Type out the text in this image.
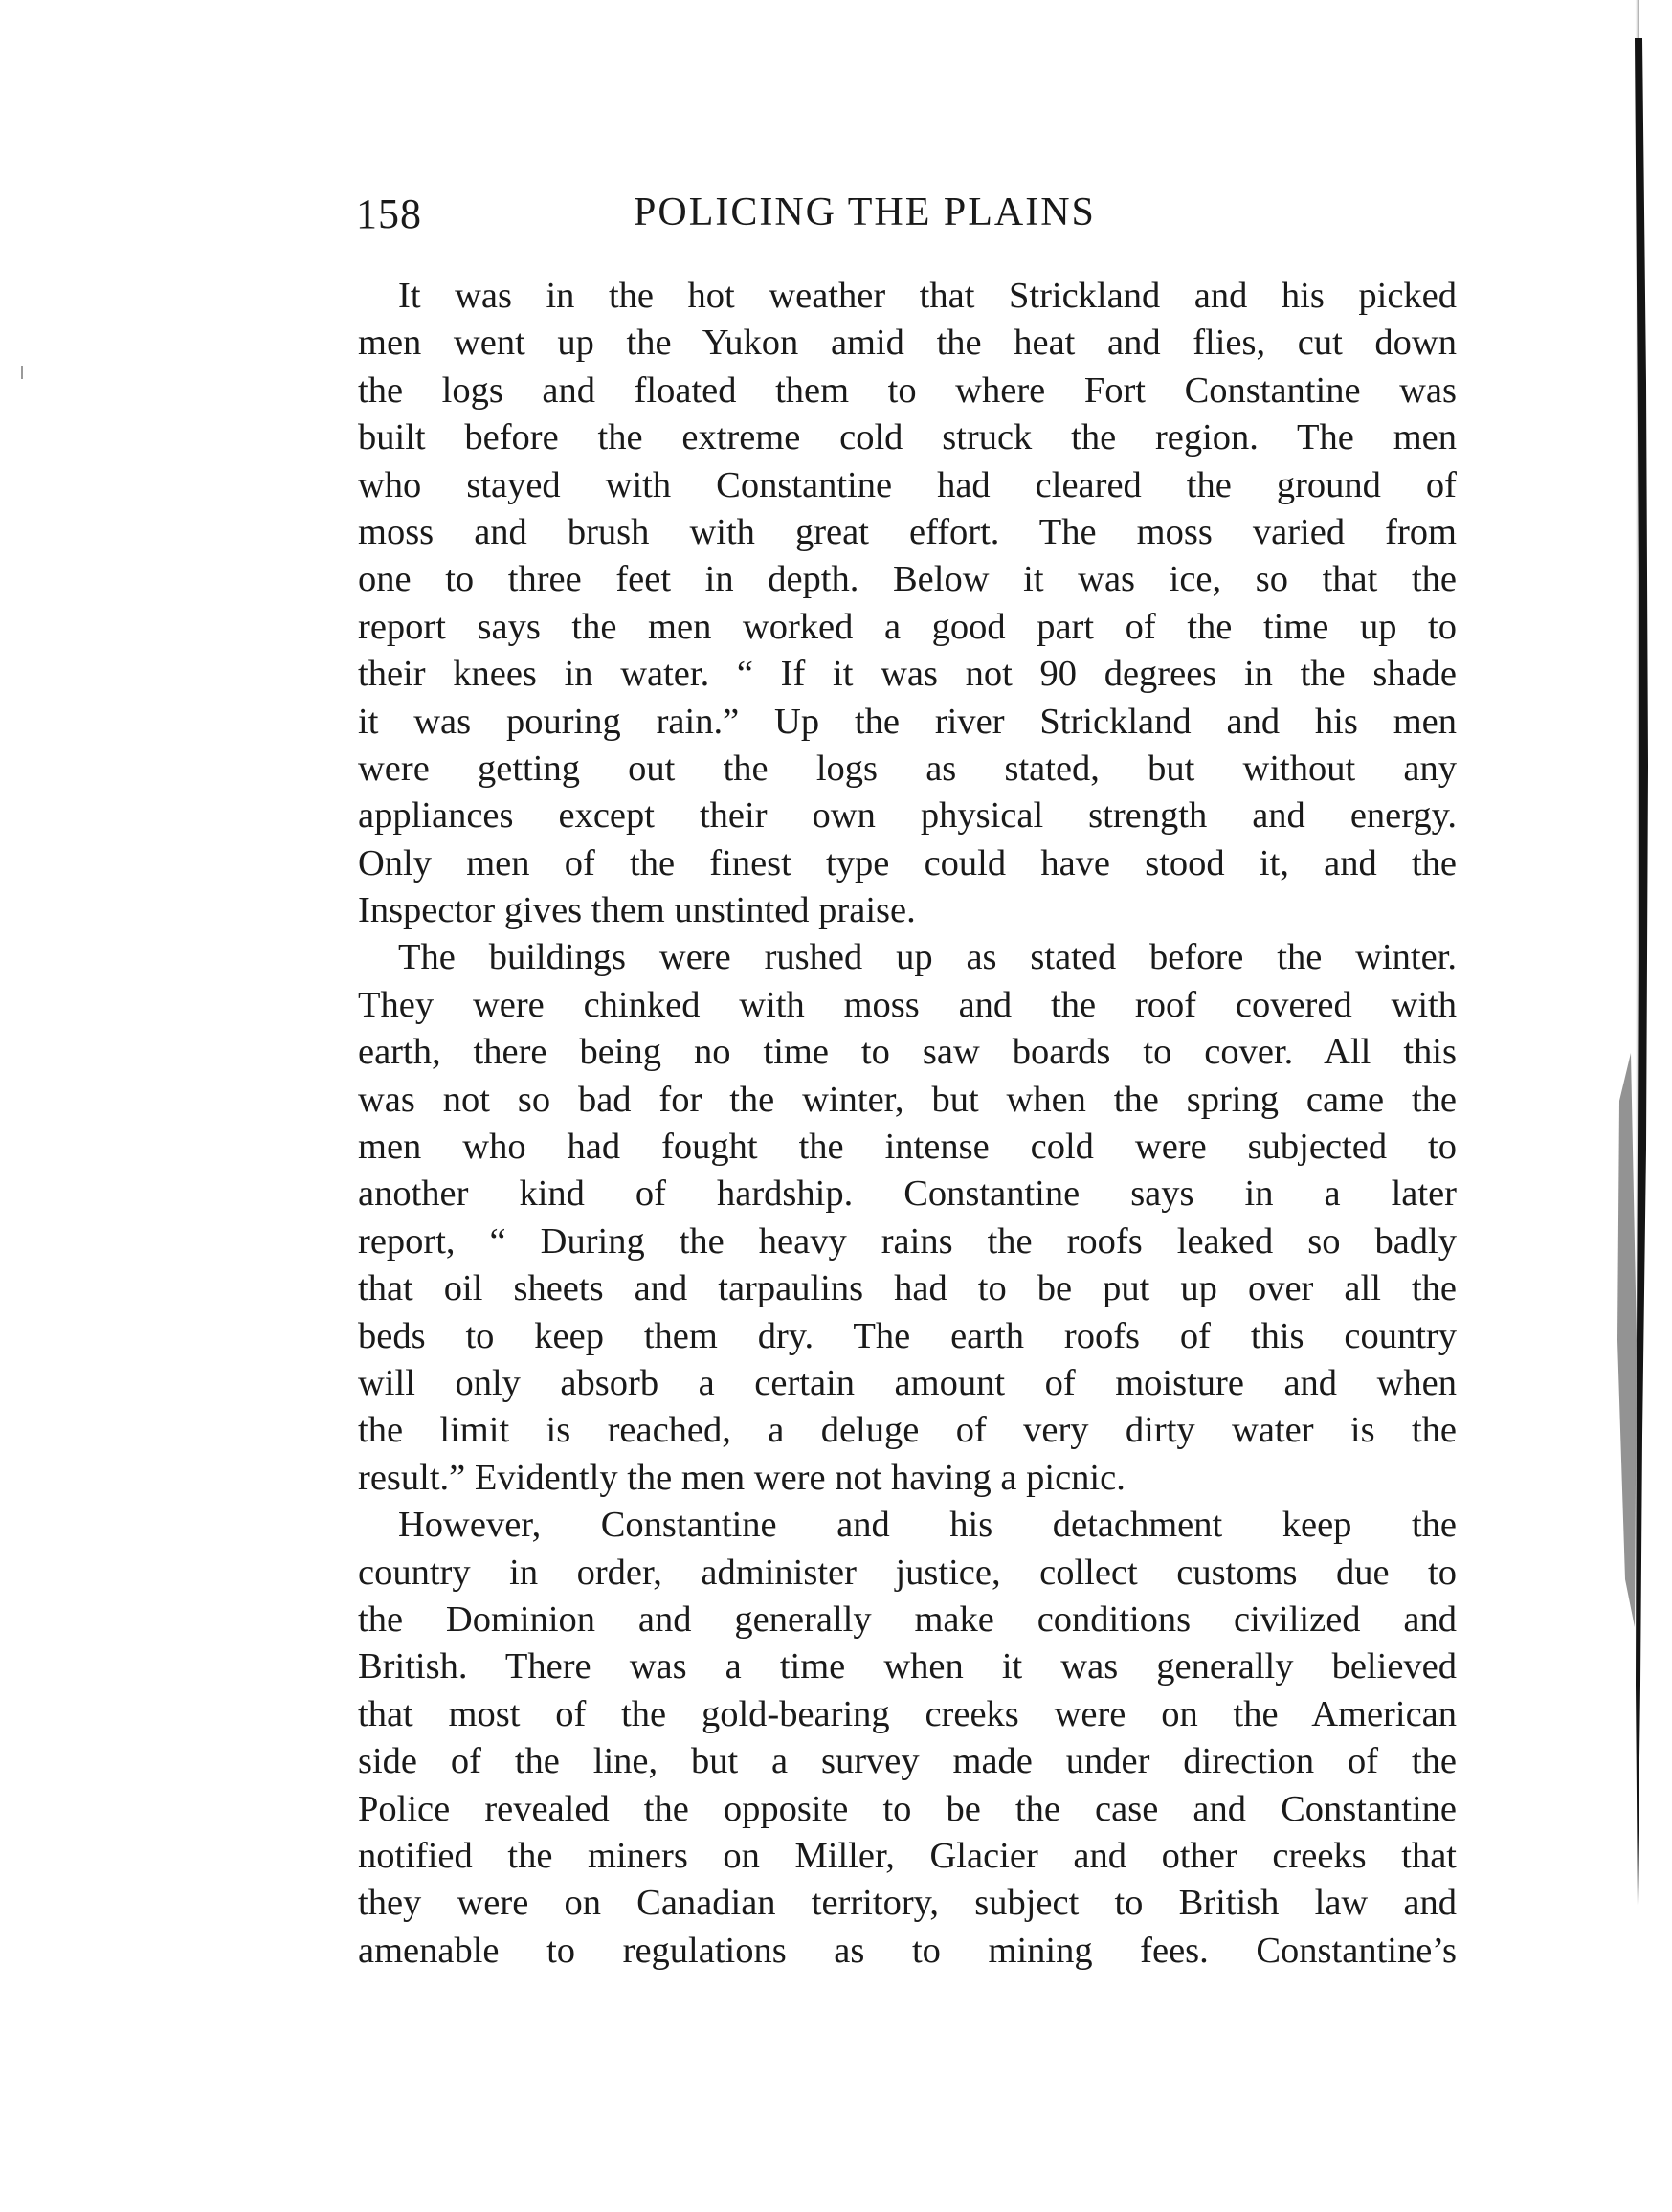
158	POLICING THE PLAINS
It was in the hot weather that Strickland and his picked
men went up the Yukon amid the heat and flies, cut down
the logs and floated them to where Fort Constantine was
built before the extreme cold struck the region. The men
who stayed with Constantine had cleared the ground of
moss and brush with great effort. The moss varied from
one to three feet in depth. Below it was ice, so that the
report says the men worked a good part of the time up to
their knees in water. “ If it was not 90 degrees in the shade
it was pouring rain.” Up the river Strickland and his men
were getting out the logs as stated, but without any
appliances except their own physical strength and energy.
Only men of the finest type could have stood it, and the
Inspector gives them unstinted praise.
The buildings were rushed up as stated before the winter.
They were chinked with moss and the roof covered with
earth, there being no time to saw boards to cover. All this
was not so bad for the winter, but when the spring came the
men who had fought the intense cold were subjected to
another kind of hardship. Constantine says in a later
report, “ During the heavy rains the roofs leaked so badly
that oil sheets and tarpaulins had to be put up over all the
beds to keep them dry. The earth roofs of this country
will only absorb a certain amount of moisture and when
the limit is reached, a deluge of very dirty water is the
result.” Evidently the men were not having a picnic.
However, Constantine and his detachment keep the
country in order, administer justice, collect customs due to
the Dominion and generally make conditions civilized and
British. There was a time when it was generally believed
that most of the gold-bearing creeks were on the American
side of the line, but a survey made under direction of the
Police revealed the opposite to be the case and Constantine
notified the miners on Miller, Glacier and other creeks that
they were on Canadian territory, subject to British law and
amenable to regulations as to mining fees. Constantine’s
